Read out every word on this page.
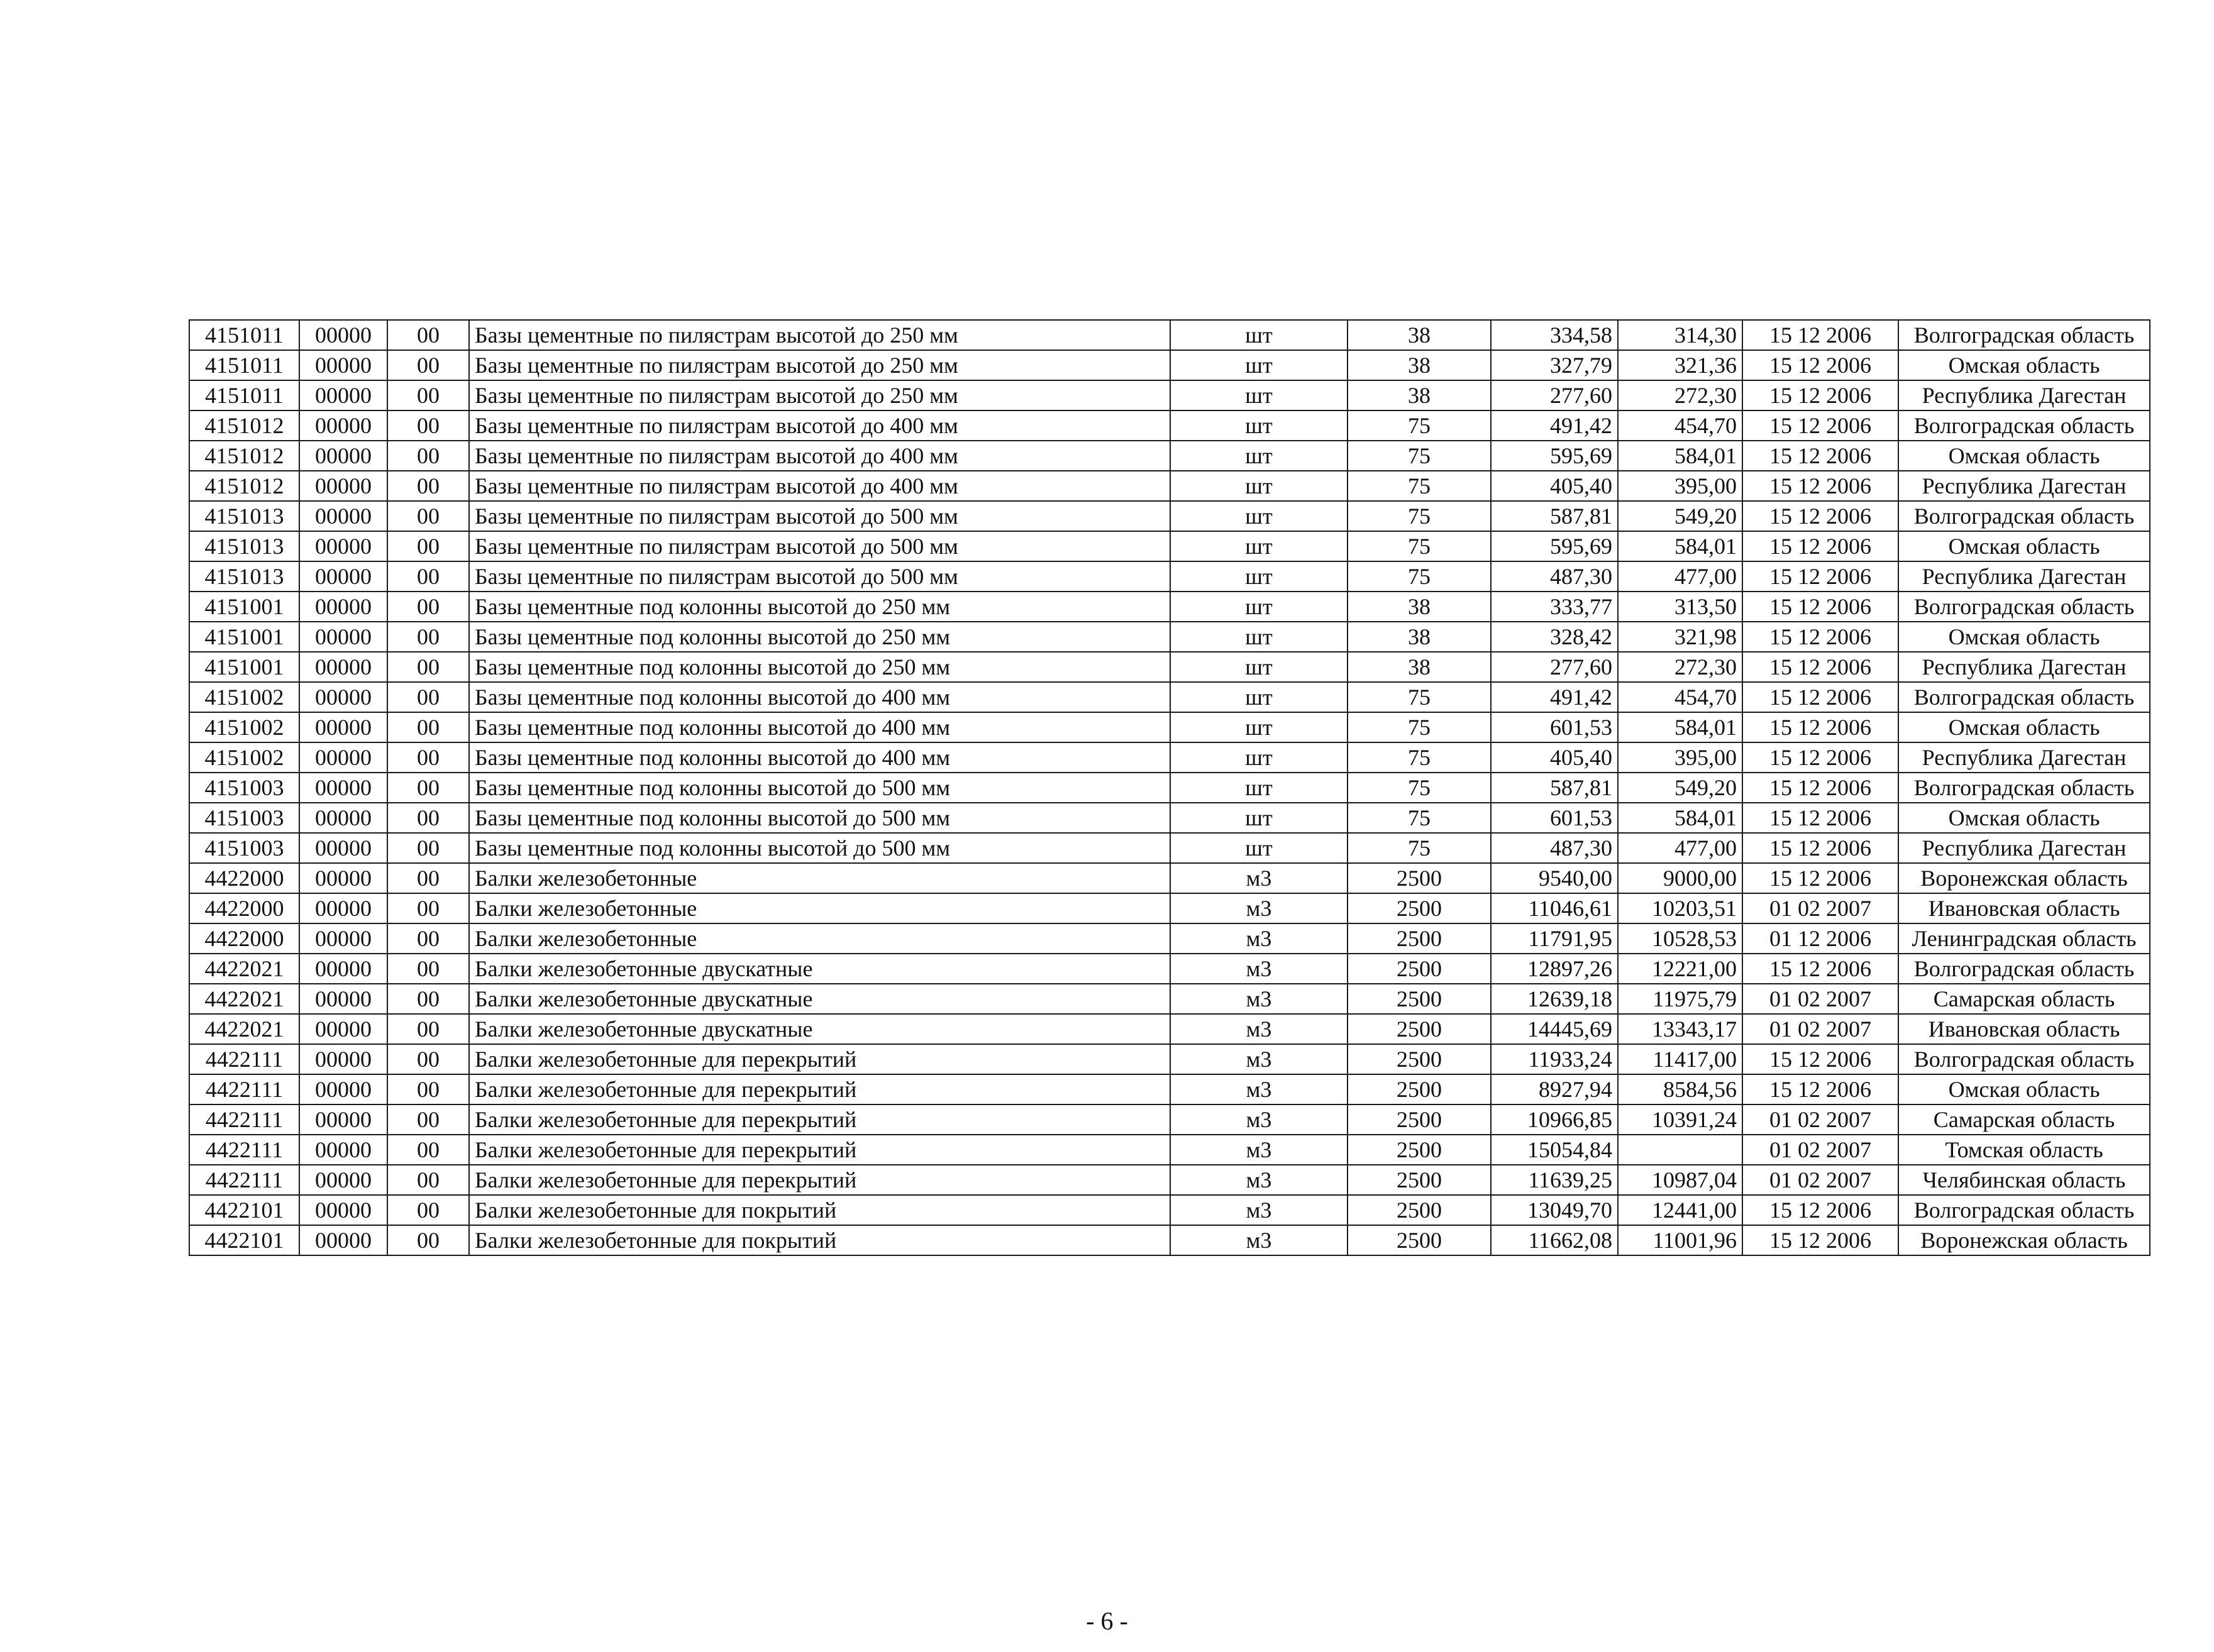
4151011	00000	00	Базы цементные по пилястрам высотой до 250 мм	шт	38	334,58	314,30	15 12 2006	Волгоградская область
4151011	00000	00	Базы цементные по пилястрам высотой до 250 мм	шт	38	327,79	321,36	15 12 2006	Омская область
4151011	00000	00	Базы цементные по пилястрам высотой до 250 мм	шт	38	277,60	272,30	15 12 2006	Республика Дагестан
4151012	00000	00	Базы цементные по пилястрам высотой до 400 мм	шт	75	491,42	454,70	15 12 2006	Волгоградская область
4151012	00000	00	Базы цементные по пилястрам высотой до 400 мм	шт	75	595,69	584,01	15 12 2006	Омская область
4151012	00000	00	Базы цементные по пилястрам высотой до 400 мм	шт	75	405,40	395,00	15 12 2006	Республика Дагестан
4151013	00000	00	Базы цементные по пилястрам высотой до 500 мм	шт	75	587,81	549,20	15 12 2006	Волгоградская область
4151013	00000	00	Базы цементные по пилястрам высотой до 500 мм	шт	75	595,69	584,01	15 12 2006	Омская область
4151013	00000	00	Базы цементные по пилястрам высотой до 500 мм	шт	75	487,30	477,00	15 12 2006	Республика Дагестан
4151001	00000	00	Базы цементные под колонны высотой до 250 мм	шт	38	333,77	313,50	15 12 2006	Волгоградская область
4151001	00000	00	Базы цементные под колонны высотой до 250 мм	шт	38	328,42	321,98	15 12 2006	Омская область
4151001	00000	00	Базы цементные под колонны высотой до 250 мм	шт	38	277,60	272,30	15 12 2006	Республика Дагестан
4151002	00000	00	Базы цементные под колонны высотой до 400 мм	шт	75	491,42	454,70	15 12 2006	Волгоградская область
4151002	00000	00	Базы цементные под колонны высотой до 400 мм	шт	75	601,53	584,01	15 12 2006	Омская область
4151002	00000	00	Базы цементные под колонны высотой до 400 мм	шт	75	405,40	395,00	15 12 2006	Республика Дагестан
4151003	00000	00	Базы цементные под колонны высотой до 500 мм	шт	75	587,81	549,20	15 12 2006	Волгоградская область
4151003	00000	00	Базы цементные под колонны высотой до 500 мм	шт	75	601,53	584,01	15 12 2006	Омская область
4151003	00000	00	Базы цементные под колонны высотой до 500 мм	шт	75	487,30	477,00	15 12 2006	Республика Дагестан
4422000	00000	00	Балки железобетонные	м3	2500	9540,00	9000,00	15 12 2006	Воронежская область
4422000	00000	00	Балки железобетонные	м3	2500	11046,61	10203,51	01 02 2007	Ивановская область
4422000	00000	00	Балки железобетонные	м3	2500	11791,95	10528,53	01 12 2006	Ленинградская область
4422021	00000	00	Балки железобетонные двускатные	м3	2500	12897,26	12221,00	15 12 2006	Волгоградская область
4422021	00000	00	Балки железобетонные двускатные	м3	2500	12639,18	11975,79	01 02 2007	Самарская область
4422021	00000	00	Балки железобетонные двускатные	м3	2500	14445,69	13343,17	01 02 2007	Ивановская область
4422111	00000	00	Балки железобетонные для перекрытий	м3	2500	11933,24	11417,00	15 12 2006	Волгоградская область
4422111	00000	00	Балки железобетонные для перекрытий	м3	2500	8927,94	8584,56	15 12 2006	Омская область
4422111	00000	00	Балки железобетонные для перекрытий	м3	2500	10966,85	10391,24	01 02 2007	Самарская область
4422111	00000	00	Балки железобетонные для перекрытий	м3	2500	15054,84		01 02 2007	Томская область
4422111	00000	00	Балки железобетонные для перекрытий	м3	2500	11639,25	10987,04	01 02 2007	Челябинская область
4422101	00000	00	Балки железобетонные для покрытий	м3	2500	13049,70	12441,00	15 12 2006	Волгоградская область
4422101	00000	00	Балки железобетонные для покрытий	м3	2500	11662,08	11001,96	15 12 2006	Воронежская область
- 6 -
